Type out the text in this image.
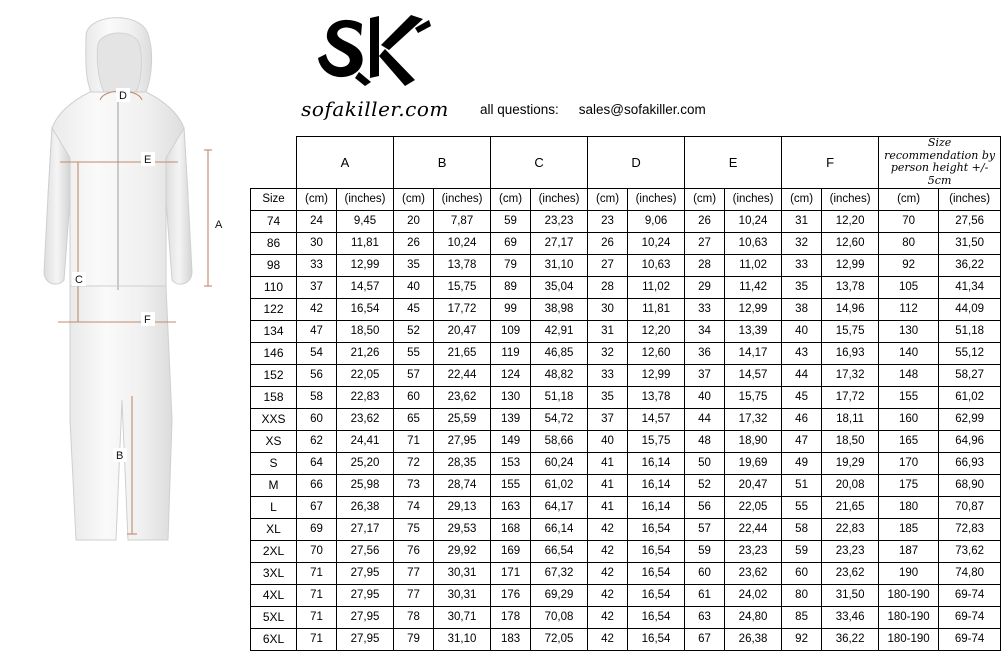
D
E
A
C
F
B
sofakiller.com	all questions: sales@sofakiller.com
	A		B		C		D		E		F		Size recommendation by person height +/- 5cm	
Size	(cm)	(inches)	(cm)	(inches)	(cm)	(inches)	(cm)	(inches)	(cm)	(inches)	(cm)	(inches)	(cm)	(inches)
74	24	9,45	20	7,87	59	23,23	23	9,06	26	10,24	31	12,20	70	27,56
86	30	11,81	26	10,24	69	27,17	26	10,24	27	10,63	32	12,60	80	31,50
98	33	12,99	35	13,78	79	31,10	27	10,63	28	11,02	33	12,99	92	36,22
110	37	14,57	40	15,75	89	35,04	28	11,02	29	11,42	35	13,78	105	41,34
122	42	16,54	45	17,72	99	38,98	30	11,81	33	12,99	38	14,96	112	44,09
134	47	18,50	52	20,47	109	42,91	31	12,20	34	13,39	40	15,75	130	51,18
146	54	21,26	55	21,65	119	46,85	32	12,60	36	14,17	43	16,93	140	55,12
152	56	22,05	57	22,44	124	48,82	33	12,99	37	14,57	44	17,32	148	58,27
158	58	22,83	60	23,62	130	51,18	35	13,78	40	15,75	45	17,72	155	61,02
XXS	60	23,62	65	25,59	139	54,72	37	14,57	44	17,32	46	18,11	160	62,99
XS	62	24,41	71	27,95	149	58,66	40	15,75	48	18,90	47	18,50	165	64,96
S	64	25,20	72	28,35	153	60,24	41	16,14	50	19,69	49	19,29	170	66,93
M	66	25,98	73	28,74	155	61,02	41	16,14	52	20,47	51	20,08	175	68,90
L	67	26,38	74	29,13	163	64,17	41	16,14	56	22,05	55	21,65	180	70,87
XL	69	27,17	75	29,53	168	66,14	42	16,54	57	22,44	58	22,83	185	72,83
2XL	70	27,56	76	29,92	169	66,54	42	16,54	59	23,23	59	23,23	187	73,62
3XL	71	27,95	77	30,31	171	67,32	42	16,54	60	23,62	60	23,62	190	74,80
4XL	71	27,95	77	30,31	176	69,29	42	16,54	61	24,02	80	31,50	180-190	69-74
5XL	71	27,95	78	30,71	178	70,08	42	16,54	63	24,80	85	33,46	180-190	69-74
6XL	71	27,95	79	31,10	183	72,05	42	16,54	67	26,38	92	36,22	180-190	69-74
